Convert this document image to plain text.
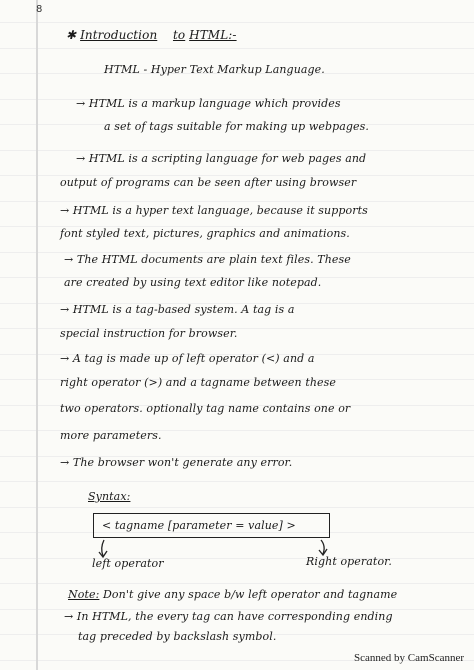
8
✱ Introduction to HTML:-
HTML - Hyper Text Markup Language.
→ HTML is a markup language which provides
a set of tags suitable for making up webpages.
→ HTML is a scripting language for web pages and
output of programs can be seen after using browser
→ HTML is a hyper text language, because it supports
font styled text, pictures, graphics and animations.
→ The HTML documents are plain text files. These
are created by using text editor like notepad.
→ HTML is a tag-based system. A tag is a
special instruction for browser.
→ A tag is made up of left operator (<) and a
right operator (>) and a tagname between these
two operators. optionally tag name contains one or
more parameters.
→ The browser won't generate any error.
Syntax:
< tagname [parameter = value] >
left operator	Right operator.
Note: Don't give any space b/w left operator and tagname
→ In HTML, the every tag can have corresponding ending
tag preceded by backslash symbol.
Scanned by CamScanner
